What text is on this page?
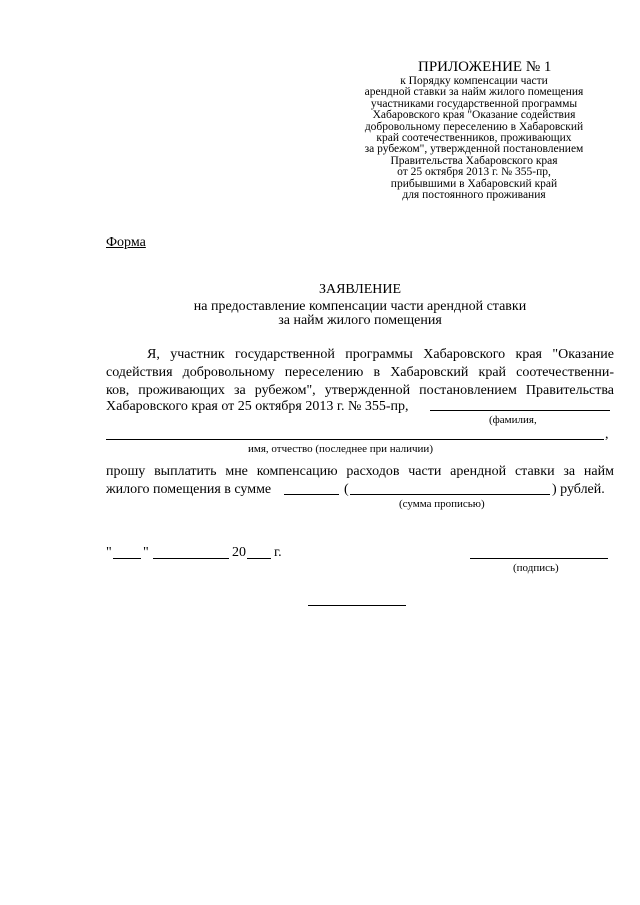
ПРИЛОЖЕНИЕ № 1
к Порядку компенсации части
арендной ставки за найм жилого помещения
участниками государственной программы
Хабаровского края "Оказание содействия
добровольному переселению в Хабаровский
край соотечественников, проживающих
за рубежом", утвержденной постановлением
Правительства Хабаровского края
от 25 октября 2013 г. № 355-пр,
прибывшими в Хабаровский край
для постоянного проживания
Форма
ЗАЯВЛЕНИЕ
на предоставление компенсации части арендной ставки
за найм жилого помещения
Я, участник государственной программы Хабаровского края "Оказание
содействия добровольному переселению в Хабаровский край соотечественни-
ков, проживающих за рубежом", утвержденной постановлением Правительства
Хабаровского края от 25 октября 2013 г. № 355-пр,
(фамилия,
,
имя, отчество (последнее при наличии)
прошу выплатить мне компенсацию расходов части арендной ставки за найм
жилого помещения в сумме	(	) рублей.
(сумма прописью)
" "	20 г.
(подпись)
